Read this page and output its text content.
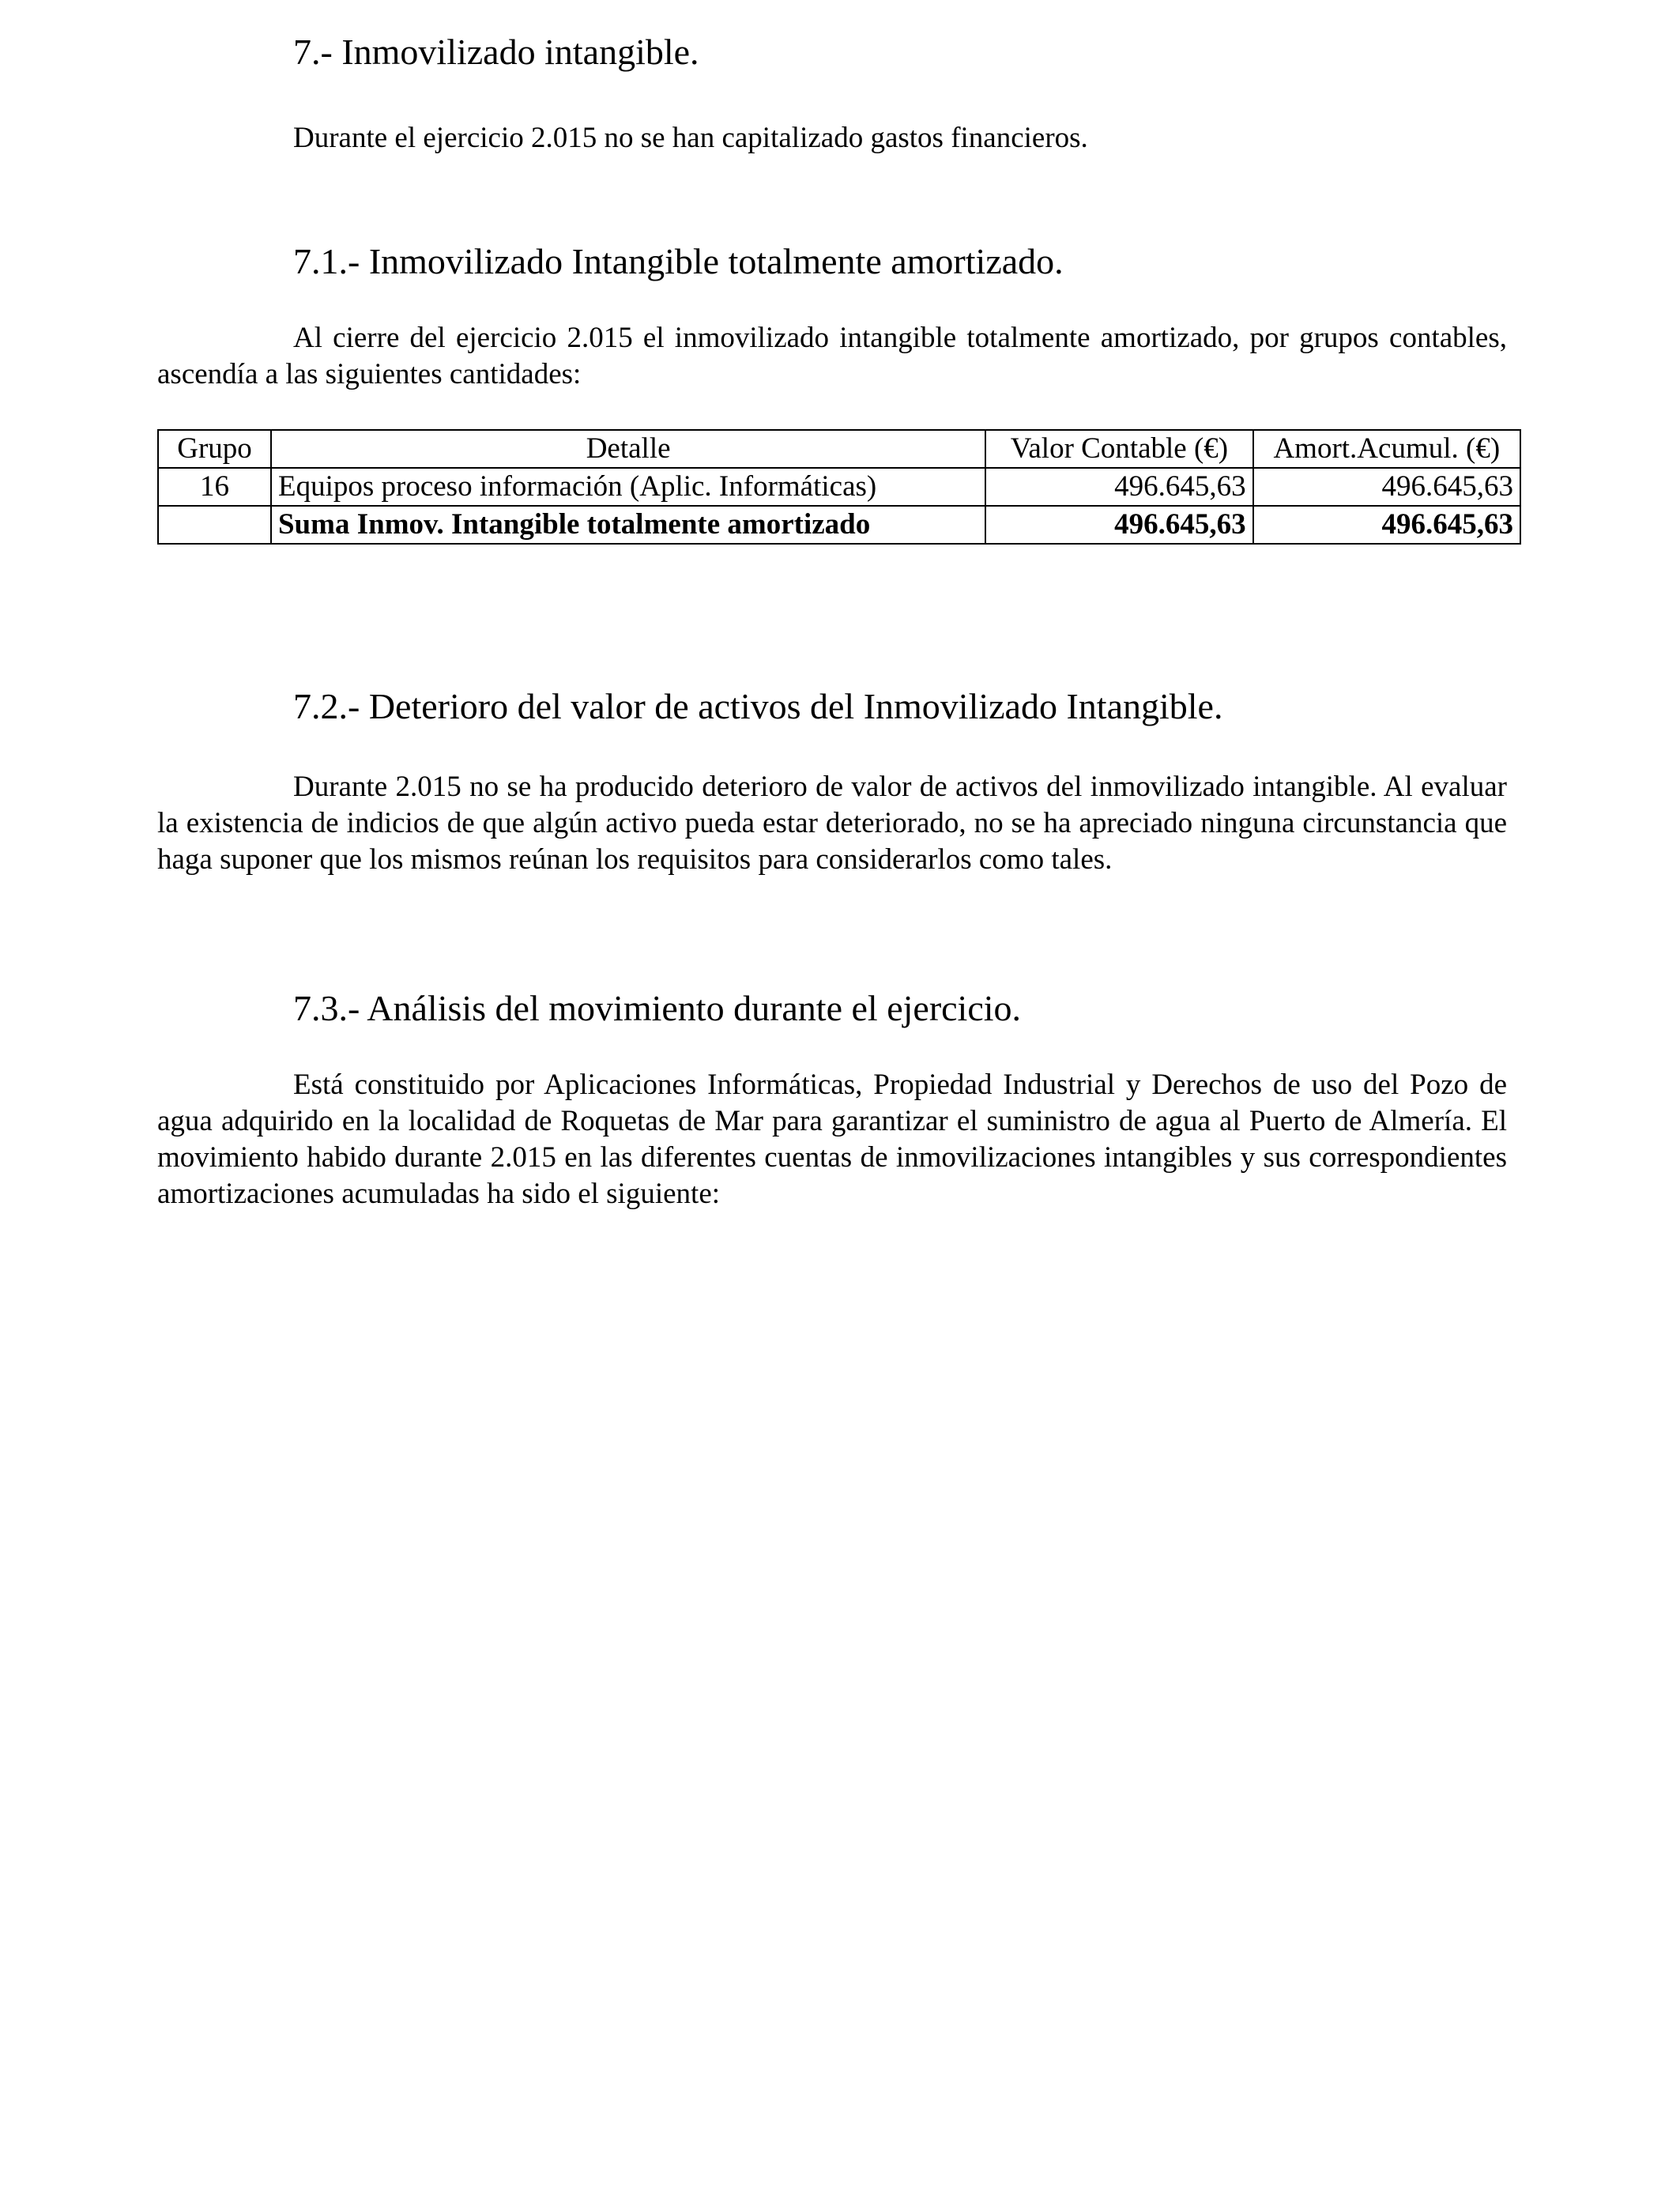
7.- Inmovilizado intangible.
Durante el ejercicio 2.015 no se han capitalizado gastos financieros.
7.1.- Inmovilizado Intangible totalmente amortizado.
Al cierre del ejercicio 2.015 el inmovilizado intangible totalmente amortizado, por grupos contables, ascendía a las siguientes cantidades:
Grupo	Detalle	Valor Contable (€)	Amort.Acumul. (€)
16	Equipos proceso información (Aplic. Informáticas)	496.645,63	496.645,63
	Suma Inmov. Intangible totalmente amortizado	496.645,63	496.645,63
7.2.- Deterioro del valor de activos del Inmovilizado Intangible.
Durante 2.015 no se ha producido deterioro de valor de activos del inmovilizado intangible. Al evaluar la existencia de indicios de que algún activo pueda estar deteriorado, no se ha apreciado ninguna circunstancia que haga suponer que los mismos reúnan los requisitos para considerarlos como tales.
7.3.- Análisis del movimiento durante el ejercicio.
Está constituido por Aplicaciones Informáticas, Propiedad Industrial y Derechos de uso del Pozo de agua adquirido en la localidad de Roquetas de Mar para garantizar el suministro de agua al Puerto de Almería. El movimiento habido durante 2.015 en las diferentes cuentas de inmovilizaciones intangibles y sus correspondientes amortizaciones acumuladas ha sido el siguiente:
